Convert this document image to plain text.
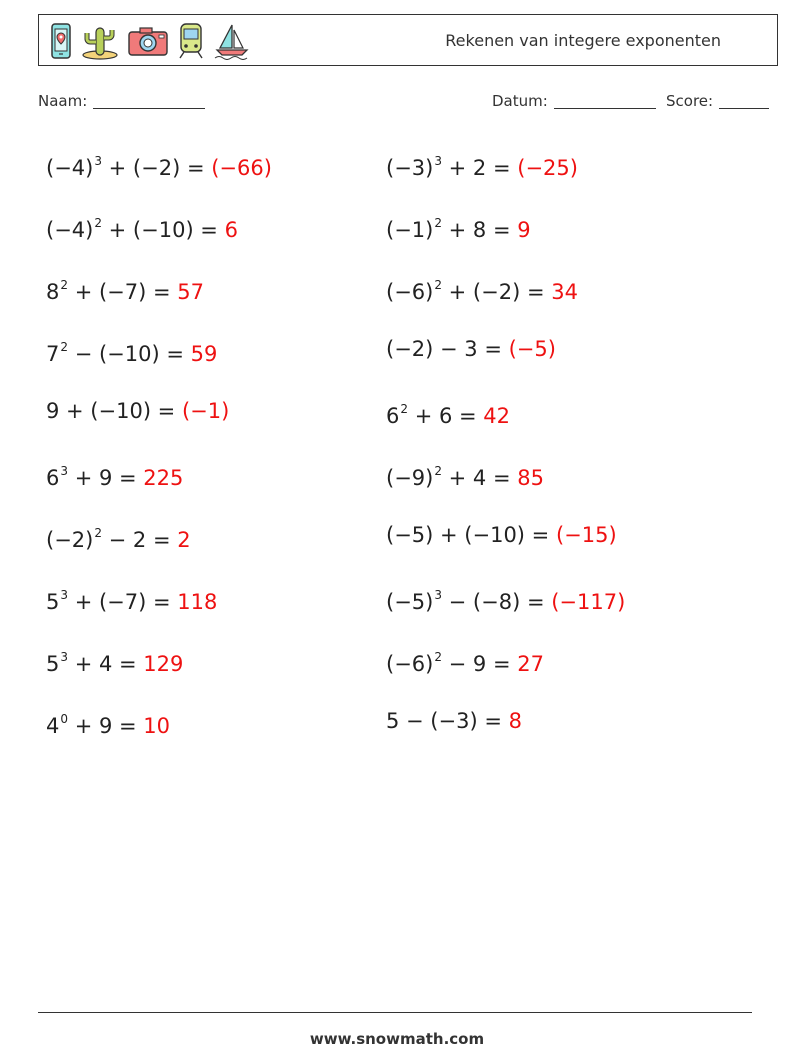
Rekenen van integere exponenten
Naam:	Datum:	Score:
$(-4)^3 + (-2) = (-66)$	$(-3)^3 + 2 = (-25)$
$(-4)^2 + (-10) = 6$	$(-1)^2 + 8 = 9$
$8^2 + (-7) = 57$	$(-6)^2 + (-2) = 34$
$7^2 - (-10) = 59$	(−2) − 3 = (−5)
9 + (−10) = (−1)	$6^2 + 6 = 42$
$6^3 + 9 = 225$	$(-9)^2 + 4 = 85$
$(-2)^2 - 2 = 2$	(−5) + (−10) = (−15)
$5^3 + (-7) = 118$	$(-5)^3 - (-8) = (-117)$
$5^3 + 4 = 129$	$(-6)^2 - 9 = 27$
$4^0 + 9 = 10$	5 − (−3) = 8
www.snowmath.com
